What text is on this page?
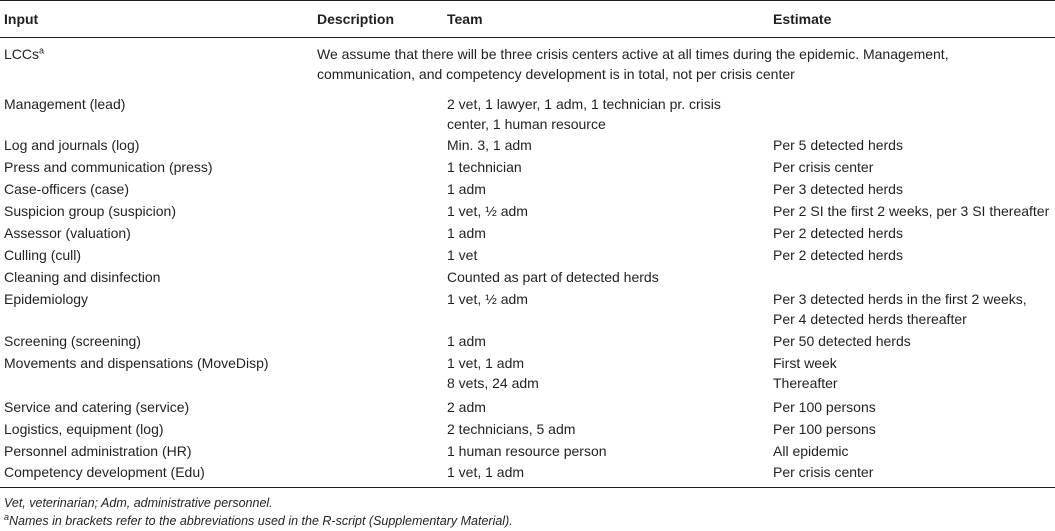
Input	Description	Team	Estimate
LCCs$^a$	We assume that there will be three crisis centers active at all times during the epidemic. Management,
communication, and competency development is in total, not per crisis center
Management (lead)	2 vet, 1 lawyer, 1 adm, 1 technician pr. crisis
center, 1 human resource
Log and journals (log)	Min. 3, 1 adm	Per 5 detected herds
Press and communication (press)	1 technician	Per crisis center
Case-officers (case)	1 adm	Per 3 detected herds
Suspicion group (suspicion)	1 vet, ½ adm	Per 2 SI the first 2 weeks, per 3 SI thereafter
Assessor (valuation)	1 adm	Per 2 detected herds
Culling (cull)	1 vet	Per 2 detected herds
Cleaning and disinfection	Counted as part of detected herds
Epidemiology	1 vet, ½ adm	Per 3 detected herds in the first 2 weeks,
Per 4 detected herds thereafter
Screening (screening)	1 adm	Per 50 detected herds
Movements and dispensations (MoveDisp)	1 vet, 1 adm	First week
8 vets, 24 adm	Thereafter
Service and catering (service)	2 adm	Per 100 persons
Logistics, equipment (log)	2 technicians, 5 adm	Per 100 persons
Personnel administration (HR)	1 human resource person	All epidemic
Competency development (Edu)	1 vet, 1 adm	Per crisis center
Vet, veterinarian; Adm, administrative personnel.
$^a$Names in brackets refer to the abbreviations used in the R-script (Supplementary Material).
